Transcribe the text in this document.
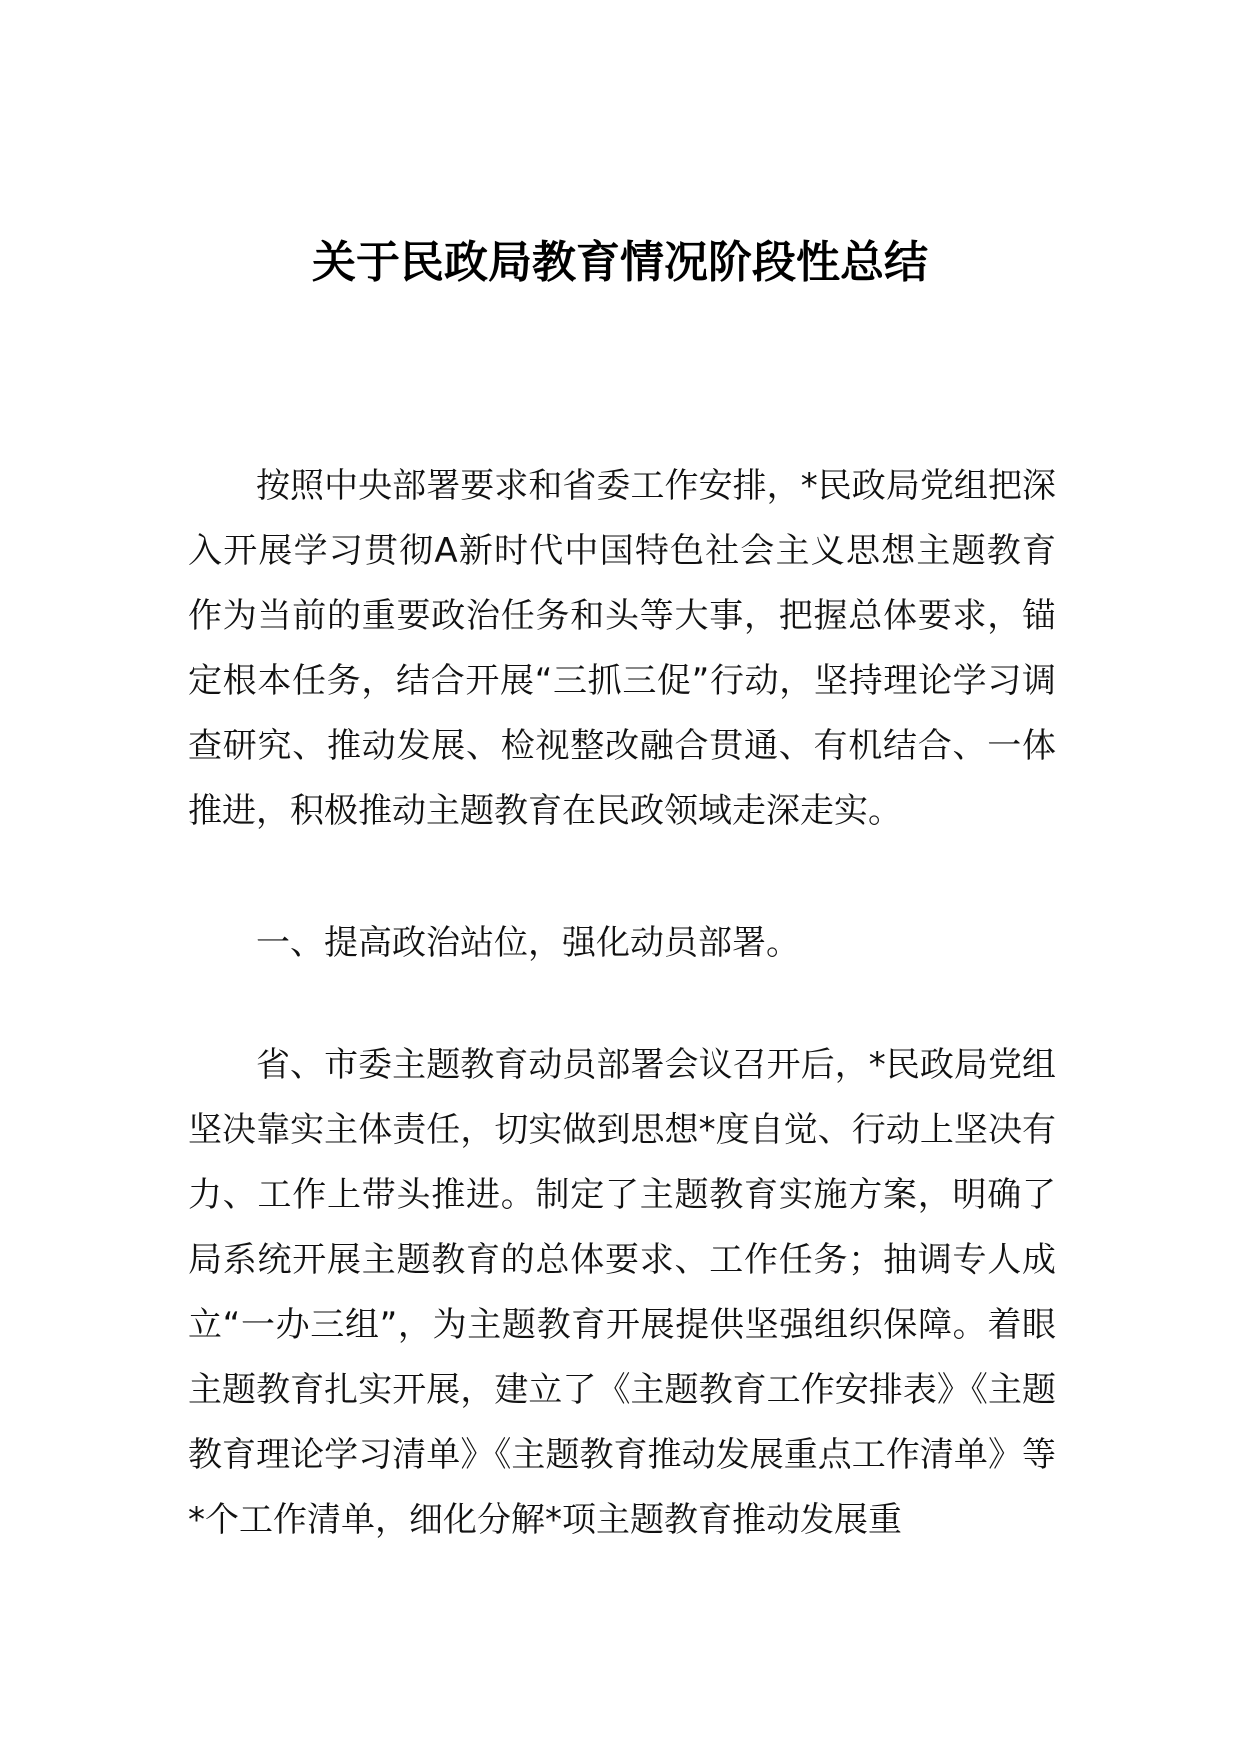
关于民政局教育情况阶段性总结

按照中央部署要求和省委工作安排，*民政局党组把深入开展学习贯彻A新时代中国特色社会主义思想主题教育作为当前的重要政治任务和头等大事，把握总体要求，锚定根本任务，结合开展“三抓三促”行动，坚持理论学习调查研究、推动发展、检视整改融合贯通、有机结合、一体推进，积极推动主题教育在民政领域走深走实。

一、提高政治站位，强化动员部署。

省、市委主题教育动员部署会议召开后，*民政局党组坚决靠实主体责任，切实做到思想*度自觉、行动上坚决有力、工作上带头推进。制定了主题教育实施方案，明确了局系统开展主题教育的总体要求、工作任务；抽调专人成立“一办三组”，为主题教育开展提供坚强组织保障。着眼主题教育扎实开展，建立了《主题教育工作安排表》《主题教育理论学习清单》《主题教育推动发展重点工作清单》等*个工作清单，细化分解*项主题教育推动发展重
